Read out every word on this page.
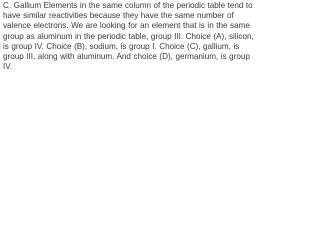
C. Gallium Elements in the same column of the periodic table tend to have similar reactivities because they have the same number of valence electrons. We are looking for an element that is in the same group as aluminum in the periodic table, group III. Choice (A), silicon, is group IV. Choice (B), sodium, is group I. Choice (C), gallium, is group III, along with aluminum. And choice (D), germanium, is group IV.
